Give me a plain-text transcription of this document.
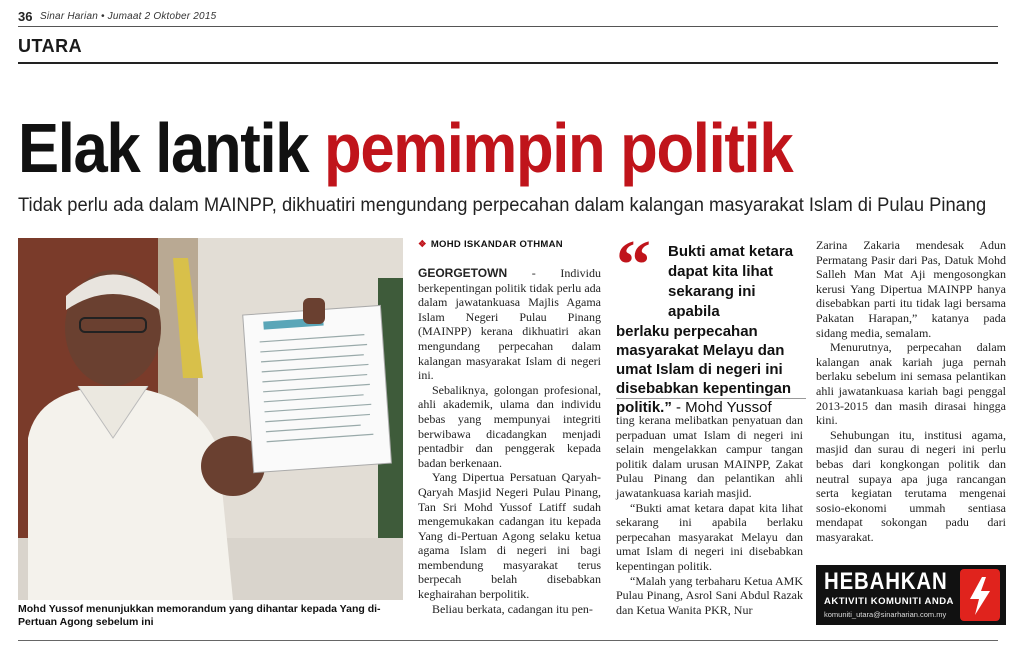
36 Sinar Harian • Jumaat 2 Oktober 2015
UTARA
Elak lantik pemimpin politik
Tidak perlu ada dalam MAINPP, dikhuatiri mengundang perpecahan dalam kalangan masyarakat Islam di Pulau Pinang
Mohd Yussof menunjukkan memorandum yang dihantar kepada Yang di-Pertuan Agong sebelum ini
❖ MOHD ISKANDAR OTHMAN

GEORGETOWN - Individu berkepentingan politik tidak perlu ada dalam jawatankuasa Majlis Agama Islam Negeri Pulau Pinang (MAINPP) kerana dikhuatiri akan mengundang perpecahan dalam kalangan masyarakat Islam di negeri ini.

Sebaliknya, golongan profesional, ahli akademik, ulama dan individu bebas yang mempunyai integriti berwibawa dicadangkan menjadi pentadbir dan penggerak kepada badan berkenaan.

Yang Dipertua Persatuan Qaryah-Qaryah Masjid Negeri Pulau Pinang, Tan Sri Mohd Yussof Latiff sudah mengemukakan cadangan itu kepada Yang di-Pertuan Agong selaku ketua agama Islam di negeri ini bagi membendung masyarakat terus berpecah belah disebabkan keghairahan berpolitik.

Beliau berkata, cadangan itu pen-

“ Bukti amat ketara dapat kita lihat sekarang ini apabila
berlaku perpecahan masyarakat Melayu dan umat Islam di negeri ini disebabkan kepentingan politik.” - Mohd Yussof

ting kerana melibatkan penyatuan dan perpaduan umat Islam di negeri ini selain mengelakkan campur tangan politik dalam urusan MAINPP, Zakat Pulau Pinang dan pelantikan ahli jawatankuasa kariah masjid.

“Bukti amat ketara dapat kita lihat sekarang ini apabila berlaku perpecahan masyarakat Melayu dan umat Islam di negeri ini disebabkan kepentingan politik.

“Malah yang terbaharu Ketua AMK Pulau Pinang, Asrol Sani Abdul Razak dan Ketua Wanita PKR, Nur

Zarina Zakaria mendesak Adun Permatang Pasir dari Pas, Datuk Mohd Salleh Man Mat Aji mengosongkan kerusi Yang Dipertua MAINPP hanya disebabkan parti itu tidak lagi bersama Pakatan Harapan,” katanya pada sidang media, semalam.

Menurutnya, perpecahan dalam kalangan anak kariah juga pernah berlaku sebelum ini semasa pelantikan ahli jawatankuasa kariah bagi penggal 2013-2015 dan masih dirasai hingga kini.

Sehubungan itu, institusi agama, masjid dan surau di negeri ini perlu bebas dari kongkongan politik dan neutral supaya apa juga rancangan serta kegiatan terutama mengenai sosio-ekonomi ummah sentiasa mendapat sokongan padu dari masyarakat.

HEBAHKAN
AKTIVITI KOMUNITI ANDA
komuniti_utara@sinarharian.com.my
